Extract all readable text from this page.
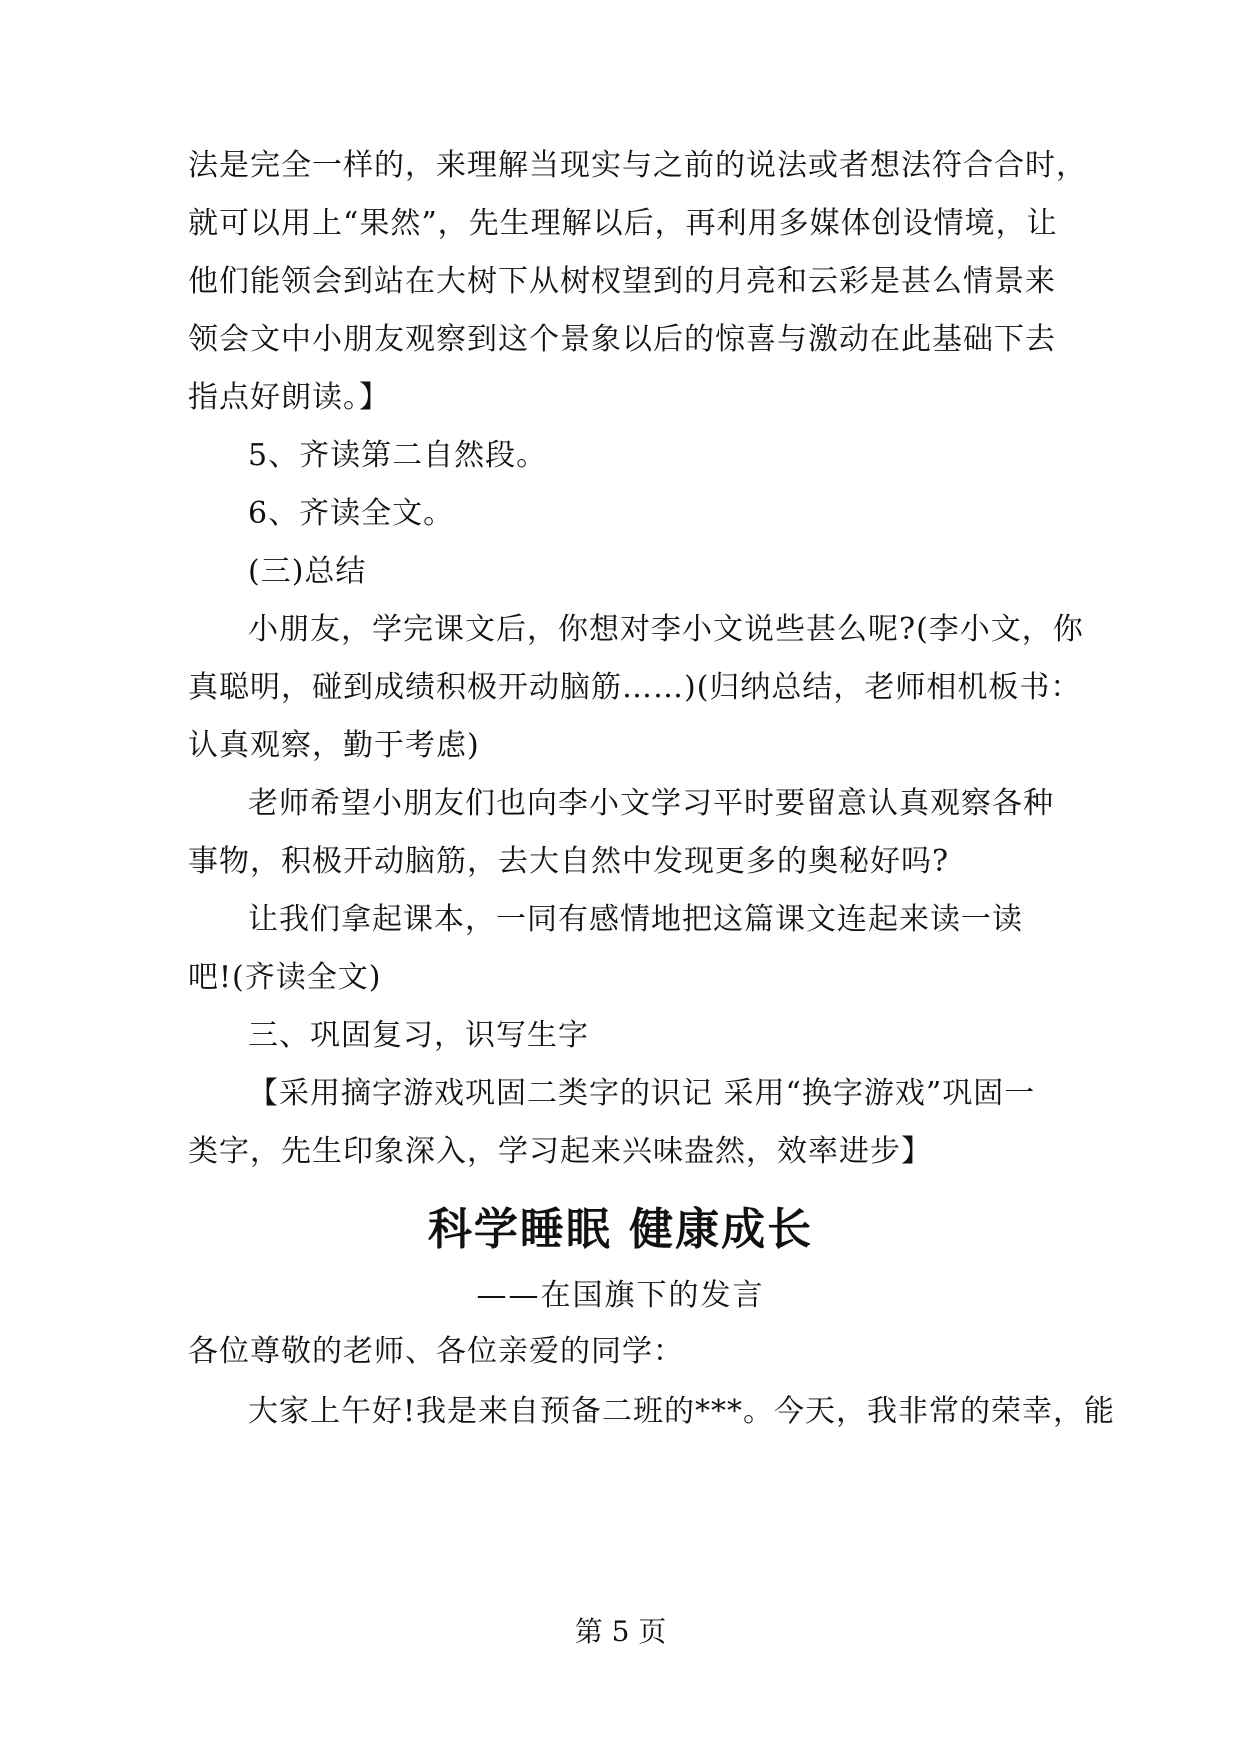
法是完全一样的，来理解当现实与之前的说法或者想法符合合时，
就可以用上“果然”，先生理解以后，再利用多媒体创设情境，让
他们能领会到站在大树下从树杈望到的月亮和云彩是甚么情景来
领会文中小朋友观察到这个景象以后的惊喜与激动在此基础下去
指点好朗读。】
5、齐读第二自然段。
6、齐读全文。
(三)总结
小朋友，学完课文后，你想对李小文说些甚么呢?(李小文，你
真聪明，碰到成绩积极开动脑筋……)(归纳总结，老师相机板书：
认真观察，勤于考虑)
老师希望小朋友们也向李小文学习平时要留意认真观察各种
事物，积极开动脑筋，去大自然中发现更多的奥秘好吗?
让我们拿起课本，一同有感情地把这篇课文连起来读一读
吧!(齐读全文)
三、巩固复习，识写生字
【采用摘字游戏巩固二类字的识记 采用“换字游戏”巩固一
类字，先生印象深入，学习起来兴味盎然，效率进步】
科学睡眠 健康成长
——在国旗下的发言
各位尊敬的老师、各位亲爱的同学：
大家上午好!我是来自预备二班的***。今天，我非常的荣幸，能
第 5 页
